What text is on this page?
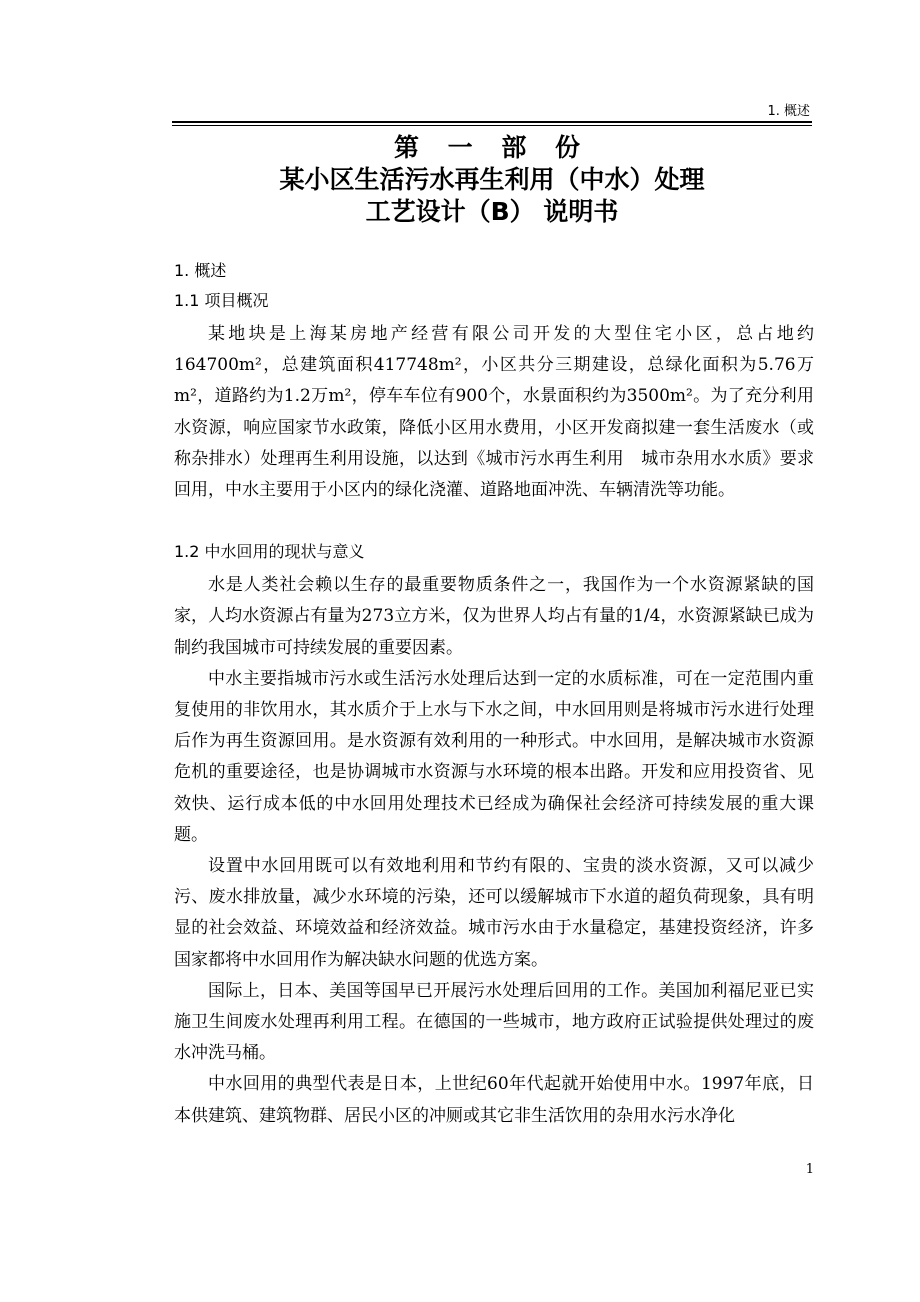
1. 概述

第 一 部 份

某小区生活污水再生利用（中水）处理

工艺设计（B） 说明书

1. 概述
1.1 项目概况

某地块是上海某房地产经营有限公司开发的大型住宅小区，总占地约164700m²，总建筑面积417748m²，小区共分三期建设，总绿化面积为5.76万m²，道路约为1.2万m²，停车车位有900个，水景面积约为3500m²。为了充分利用水资源，响应国家节水政策，降低小区用水费用，小区开发商拟建一套生活废水（或称杂排水）处理再生利用设施，以达到《城市污水再生利用　城市杂用水水质》要求回用，中水主要用于小区内的绿化浇灌、道路地面冲洗、车辆清洗等功能。

1.2 中水回用的现状与意义

水是人类社会赖以生存的最重要物质条件之一，我国作为一个水资源紧缺的国家，人均水资源占有量为273立方米，仅为世界人均占有量的1/4，水资源紧缺已成为制约我国城市可持续发展的重要因素。

中水主要指城市污水或生活污水处理后达到一定的水质标准，可在一定范围内重复使用的非饮用水，其水质介于上水与下水之间，中水回用则是将城市污水进行处理后作为再生资源回用。是水资源有效利用的一种形式。中水回用，是解决城市水资源危机的重要途径，也是协调城市水资源与水环境的根本出路。开发和应用投资省、见效快、运行成本低的中水回用处理技术已经成为确保社会经济可持续发展的重大课题。

设置中水回用既可以有效地利用和节约有限的、宝贵的淡水资源，又可以减少污、废水排放量，减少水环境的污染，还可以缓解城市下水道的超负荷现象，具有明显的社会效益、环境效益和经济效益。城市污水由于水量稳定，基建投资经济，许多国家都将中水回用作为解决缺水问题的优选方案。

国际上，日本、美国等国早已开展污水处理后回用的工作。美国加利福尼亚已实施卫生间废水处理再利用工程。在德国的一些城市，地方政府正试验提供处理过的废水冲洗马桶。

中水回用的典型代表是日本，上世纪60年代起就开始使用中水。1997年底，日本供建筑、建筑物群、居民小区的冲厕或其它非生活饮用的杂用水污水净化

1
